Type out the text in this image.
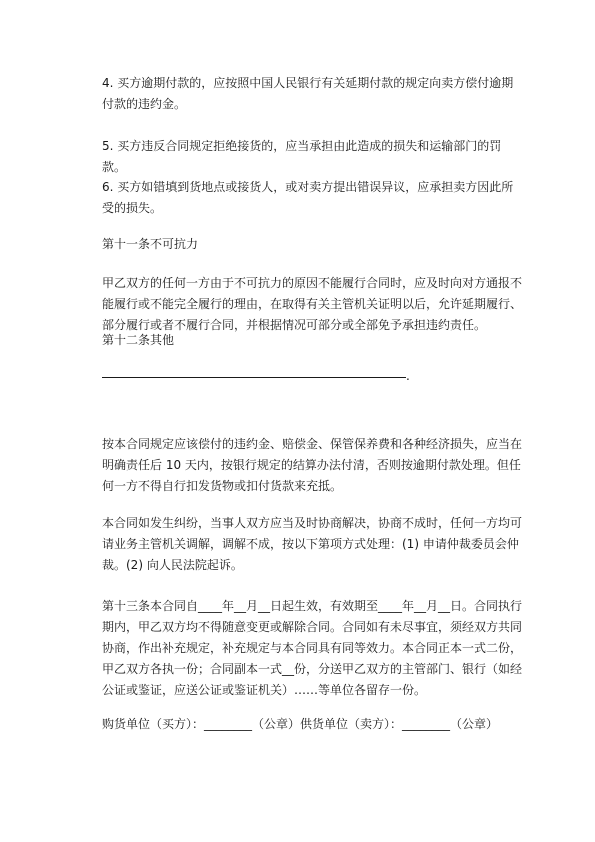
4. 买方逾期付款的，应按照中国人民银行有关延期付款的规定向卖方偿付逾期付款的违约金。

5. 买方违反合同规定拒绝接货的，应当承担由此造成的损失和运输部门的罚款。

6. 买方如错填到货地点或接货人，或对卖方提出错误异议，应承担卖方因此所受的损失。

第十一条不可抗力

甲乙双方的任何一方由于不可抗力的原因不能履行合同时，应及时向对方通报不能履行或不能完全履行的理由，在取得有关主管机关证明以后，允许延期履行、部分履行或者不履行合同，并根据情况可部分或全部免予承担违约责任。

第十二条其他

.

按本合同规定应该偿付的违约金、赔偿金、保管保养费和各种经济损失，应当在明确责任后 10 天内，按银行规定的结算办法付清，否则按逾期付款处理。但任何一方不得自行扣发货物或扣付货款来充抵。

本合同如发生纠纷，当事人双方应当及时协商解决，协商不成时，任何一方均可请业务主管机关调解，调解不成，按以下第项方式处理：(1) 申请仲裁委员会仲裁。(2) 向人民法院起诉。

第十三条本合同自____年__月__日起生效，有效期至____年__月__日。合同执行期内，甲乙双方均不得随意变更或解除合同。合同如有未尽事宜，须经双方共同协商，作出补充规定，补充规定与本合同具有同等效力。本合同正本一式二份，甲乙双方各执一份；合同副本一式__份，分送甲乙双方的主管部门、银行（如经公证或鉴证，应送公证或鉴证机关）……等单位各留存一份。

购货单位（买方）：________（公章）供货单位（卖方）：________（公章）
